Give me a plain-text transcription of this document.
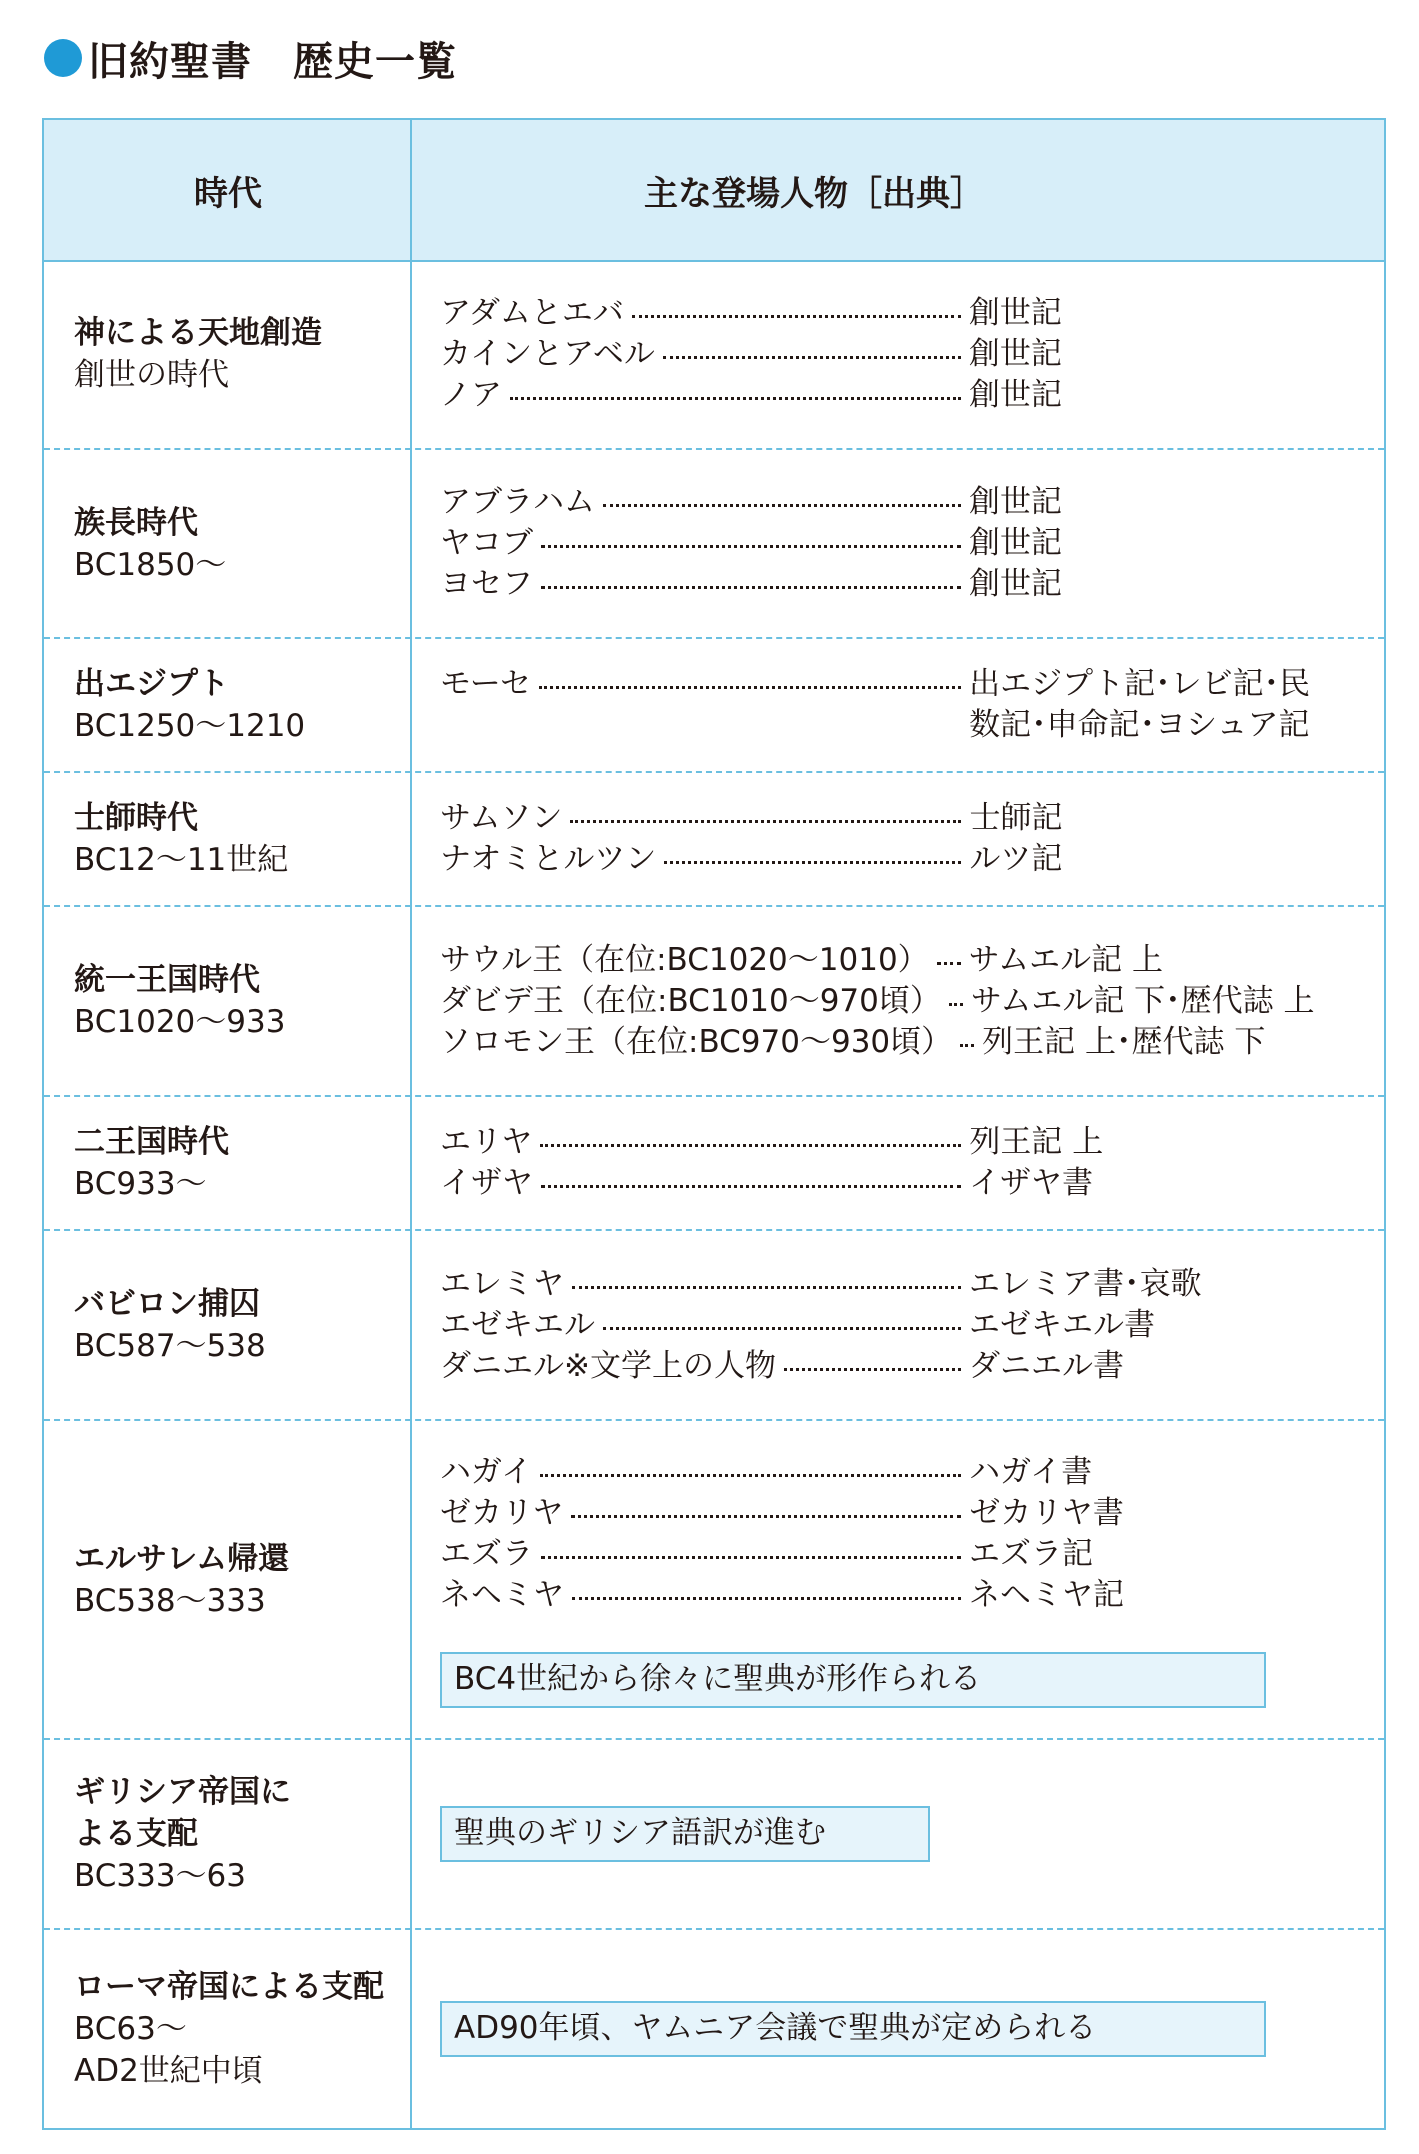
旧約聖書　歴史一覧
時代	主な登場人物［出典］
神による天地創造
創世の時代
アダムとエバ	創世記
カインとアベル	創世記
ノア	創世記
族長時代
BC1850〜
アブラハム	創世記
ヤコブ	創世記
ヨセフ	創世記
出エジプト
BC1250〜1210
モーセ	出エジプト記･レビ記･民数記･申命記･ヨシュア記
士師時代
BC12〜11世紀
サムソン	士師記
ナオミとルツン	ルツ記
統一王国時代
BC1020〜933
サウル王（在位:BC1020〜1010） サムエル記 上
ダビデ王（在位:BC1010〜970頃） サムエル記 下･歴代誌 上
ソロモン王（在位:BC970〜930頃） 列王記 上･歴代誌 下
二王国時代
BC933〜
エリヤ	列王記 上
イザヤ	イザヤ書
バビロン捕囚
BC587〜538
エレミヤ	エレミア書･哀歌
エゼキエル	エゼキエル書
ダニエル※文学上の人物	ダニエル書
エルサレム帰還
BC538〜333
ハガイ	ハガイ書
ゼカリヤ	ゼカリヤ書
エズラ	エズラ記
ネヘミヤ	ネヘミヤ記
BC4世紀から徐々に聖典が形作られる
ギリシア帝国に
よる支配
BC333〜63
聖典のギリシア語訳が進む
ローマ帝国による支配
BC63〜
AD2世紀中頃
AD90年頃、ヤムニア会議で聖典が定められる
